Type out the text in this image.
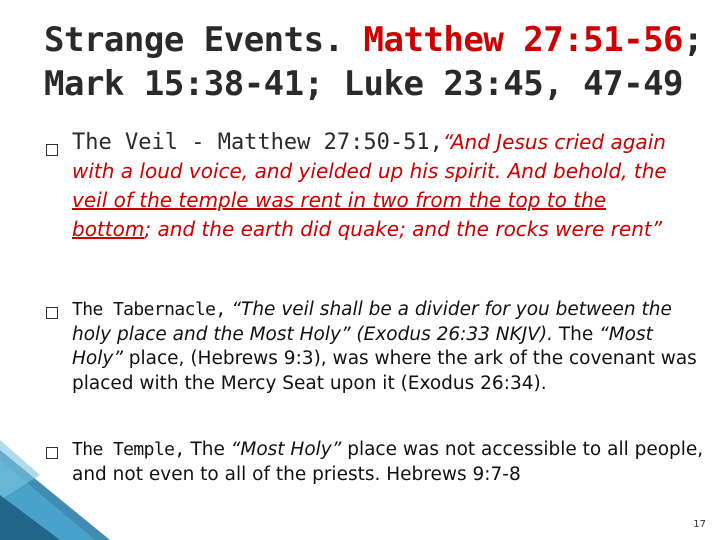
Strange Events. Matthew 27:51-56; Mark 15:38-41; Luke 23:45, 47-49
The Veil - Matthew 27:50-51,“And Jesus cried again with a loud voice, and yielded up his spirit. And behold, the veil of the temple was rent in two from the top to the bottom; and the earth did quake; and the rocks were rent”
The Tabernacle, “The veil shall be a divider for you between the holy place and the Most Holy” (Exodus 26:33 NKJV). The “Most Holy” place, (Hebrews 9:3), was where the ark of the covenant was placed with the Mercy Seat upon it (Exodus 26:34).
The Temple, The “Most Holy” place was not accessible to all people, and not even to all of the priests. Hebrews 9:7-8
17
